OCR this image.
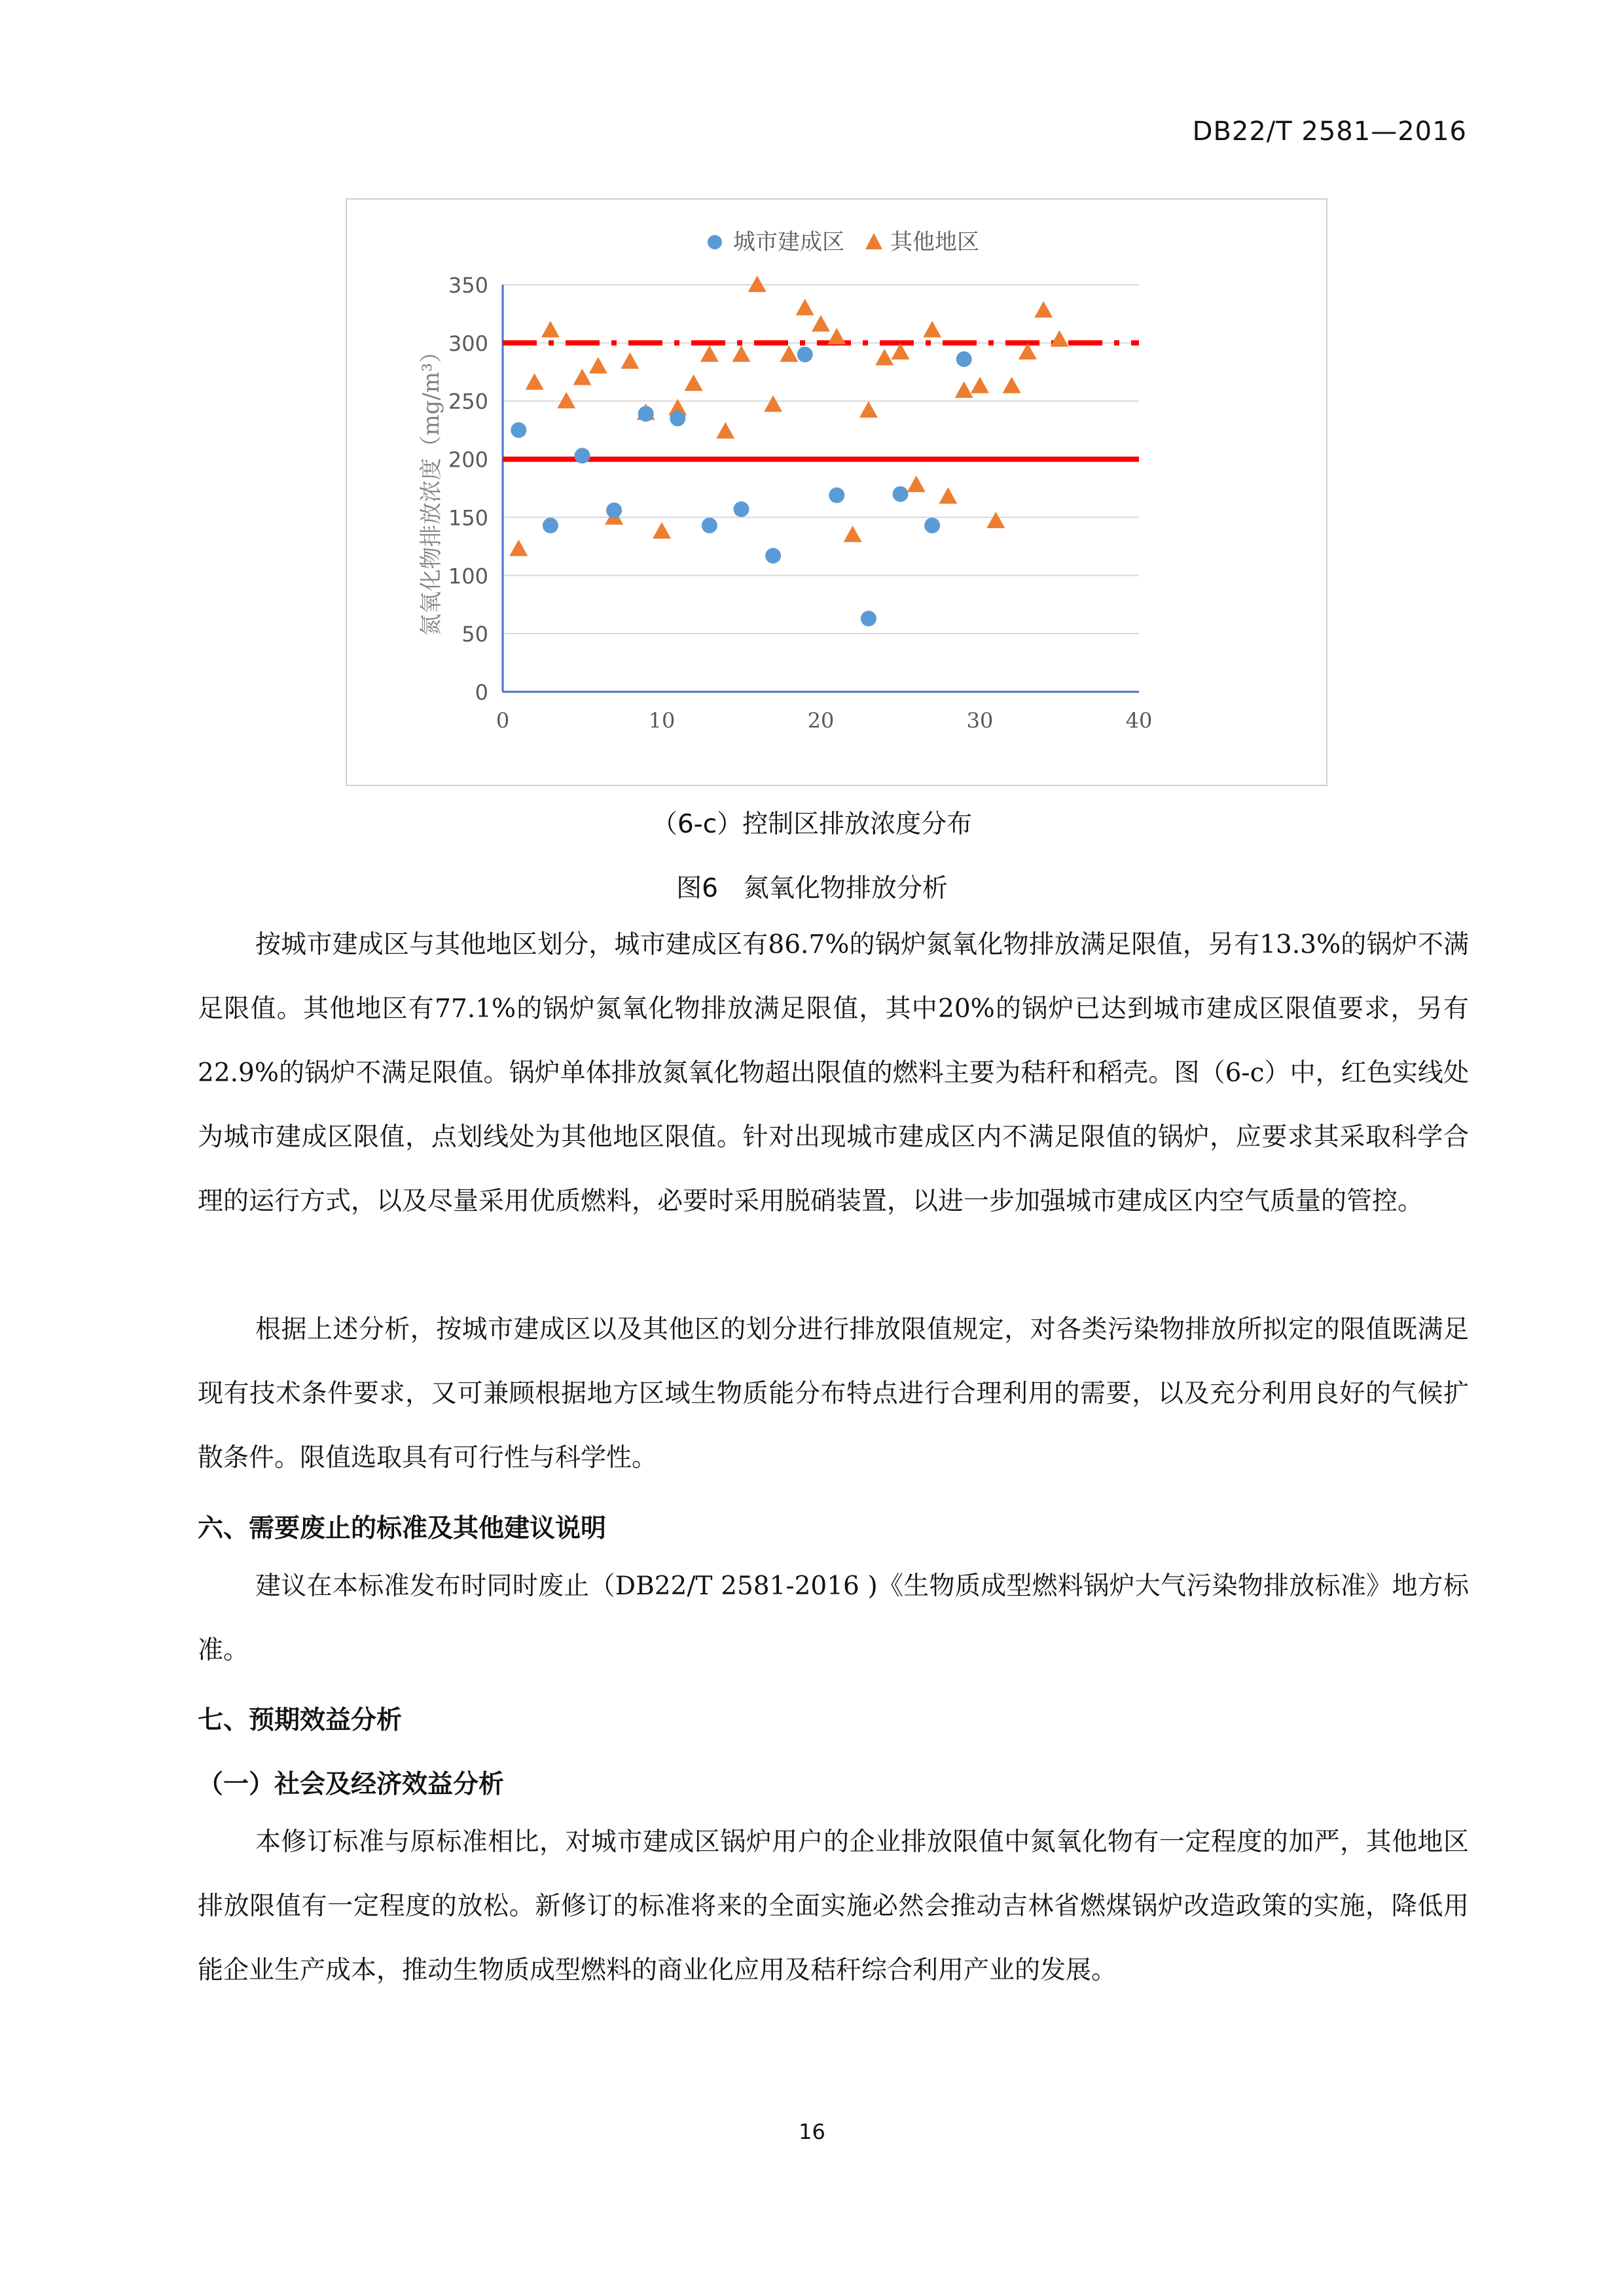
DB22/T 2581—2016
0
50
100
150
200
250
300
350
0	10	20	30	40
氮氧化物排放浓度（mg/m³）
城市建成区 其他地区
（6-c）控制区排放浓度分布
图6　氮氧化物排放分析

按城市建成区与其他地区划分，城市建成区有86.7%的锅炉氮氧化物排放满足限值，另有13.3%的锅炉不满足限值。其他地区有77.1%的锅炉氮氧化物排放满足限值，其中20%的锅炉已达到城市建成区限值要求，另有22.9%的锅炉不满足限值。锅炉单体排放氮氧化物超出限值的燃料主要为秸秆和稻壳。图（6-c）中，红色实线处为城市建成区限值，点划线处为其他地区限值。针对出现城市建成区内不满足限值的锅炉，应要求其采取科学合理的运行方式，以及尽量采用优质燃料，必要时采用脱硝装置，以进一步加强城市建成区内空气质量的管控。

根据上述分析，按城市建成区以及其他区的划分进行排放限值规定，对各类污染物排放所拟定的限值既满足现有技术条件要求，又可兼顾根据地方区域生物质能分布特点进行合理利用的需要，以及充分利用良好的气候扩散条件。限值选取具有可行性与科学性。

六、需要废止的标准及其他建议说明

建议在本标准发布时同时废止（DB22/T 2581-2016 )《生物质成型燃料锅炉大气污染物排放标准》地方标准。

七、预期效益分析
（一）社会及经济效益分析

本修订标准与原标准相比，对城市建成区锅炉用户的企业排放限值中氮氧化物有一定程度的加严，其他地区排放限值有一定程度的放松。新修订的标准将来的全面实施必然会推动吉林省燃煤锅炉改造政策的实施，降低用能企业生产成本，推动生物质成型燃料的商业化应用及秸秆综合利用产业的发展。

16
